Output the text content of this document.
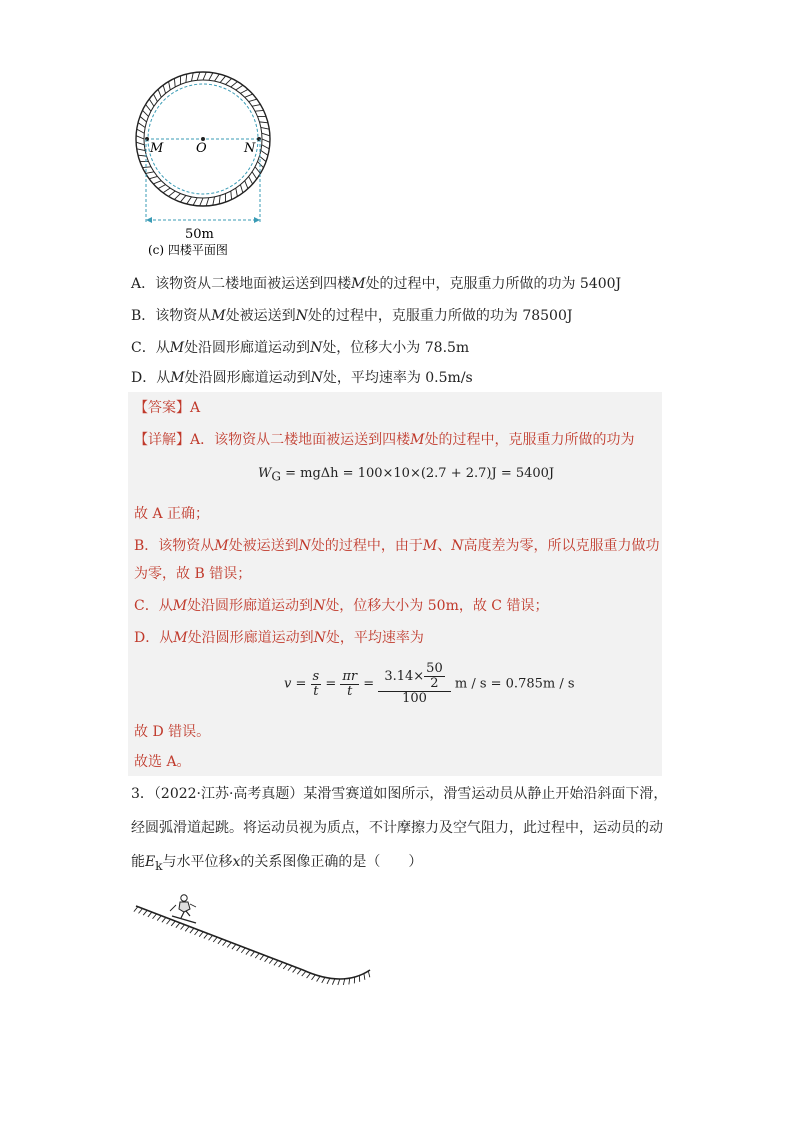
M	O	N
50m
(c) 四楼平面图
A．该物资从二楼地面被运送到四楼M处的过程中，克服重力所做的功为 5400J
B．该物资从M处被运送到N处的过程中，克服重力所做的功为 78500J
C．从M处沿圆形廊道运动到N处，位移大小为 78.5m
D．从M处沿圆形廊道运动到N处，平均速率为 0.5m/s
【答案】A
【详解】A．该物资从二楼地面被运送到四楼M处的过程中，克服重力所做的功为
$W_G = mg\Delta h = 100\times 10\times(2.7 + 2.7)J = 5400J$
故 A 正确；
B．该物资从M处被运送到N处的过程中，由于M、N高度差为零，所以克服重力做功
为零，故 B 错误；
C．从M处沿圆形廊道运动到N处，位移大小为 50m，故 C 错误；
D．从M处沿圆形廊道运动到N处，平均速率为
$v = \frac{s}{t} = \frac{\pi r}{t} = \frac{3.14\times \frac{50}{2}}{100}$ m / s = 0.785m / s
故 D 错误。
故选 A。
3．（2022·江苏·高考真题）某滑雪赛道如图所示，滑雪运动员从静止开始沿斜面下滑，
经圆弧滑道起跳。将运动员视为质点，不计摩擦力及空气阻力，此过程中，运动员的动
能$E_k$与水平位移x的关系图像正确的是（　　）
